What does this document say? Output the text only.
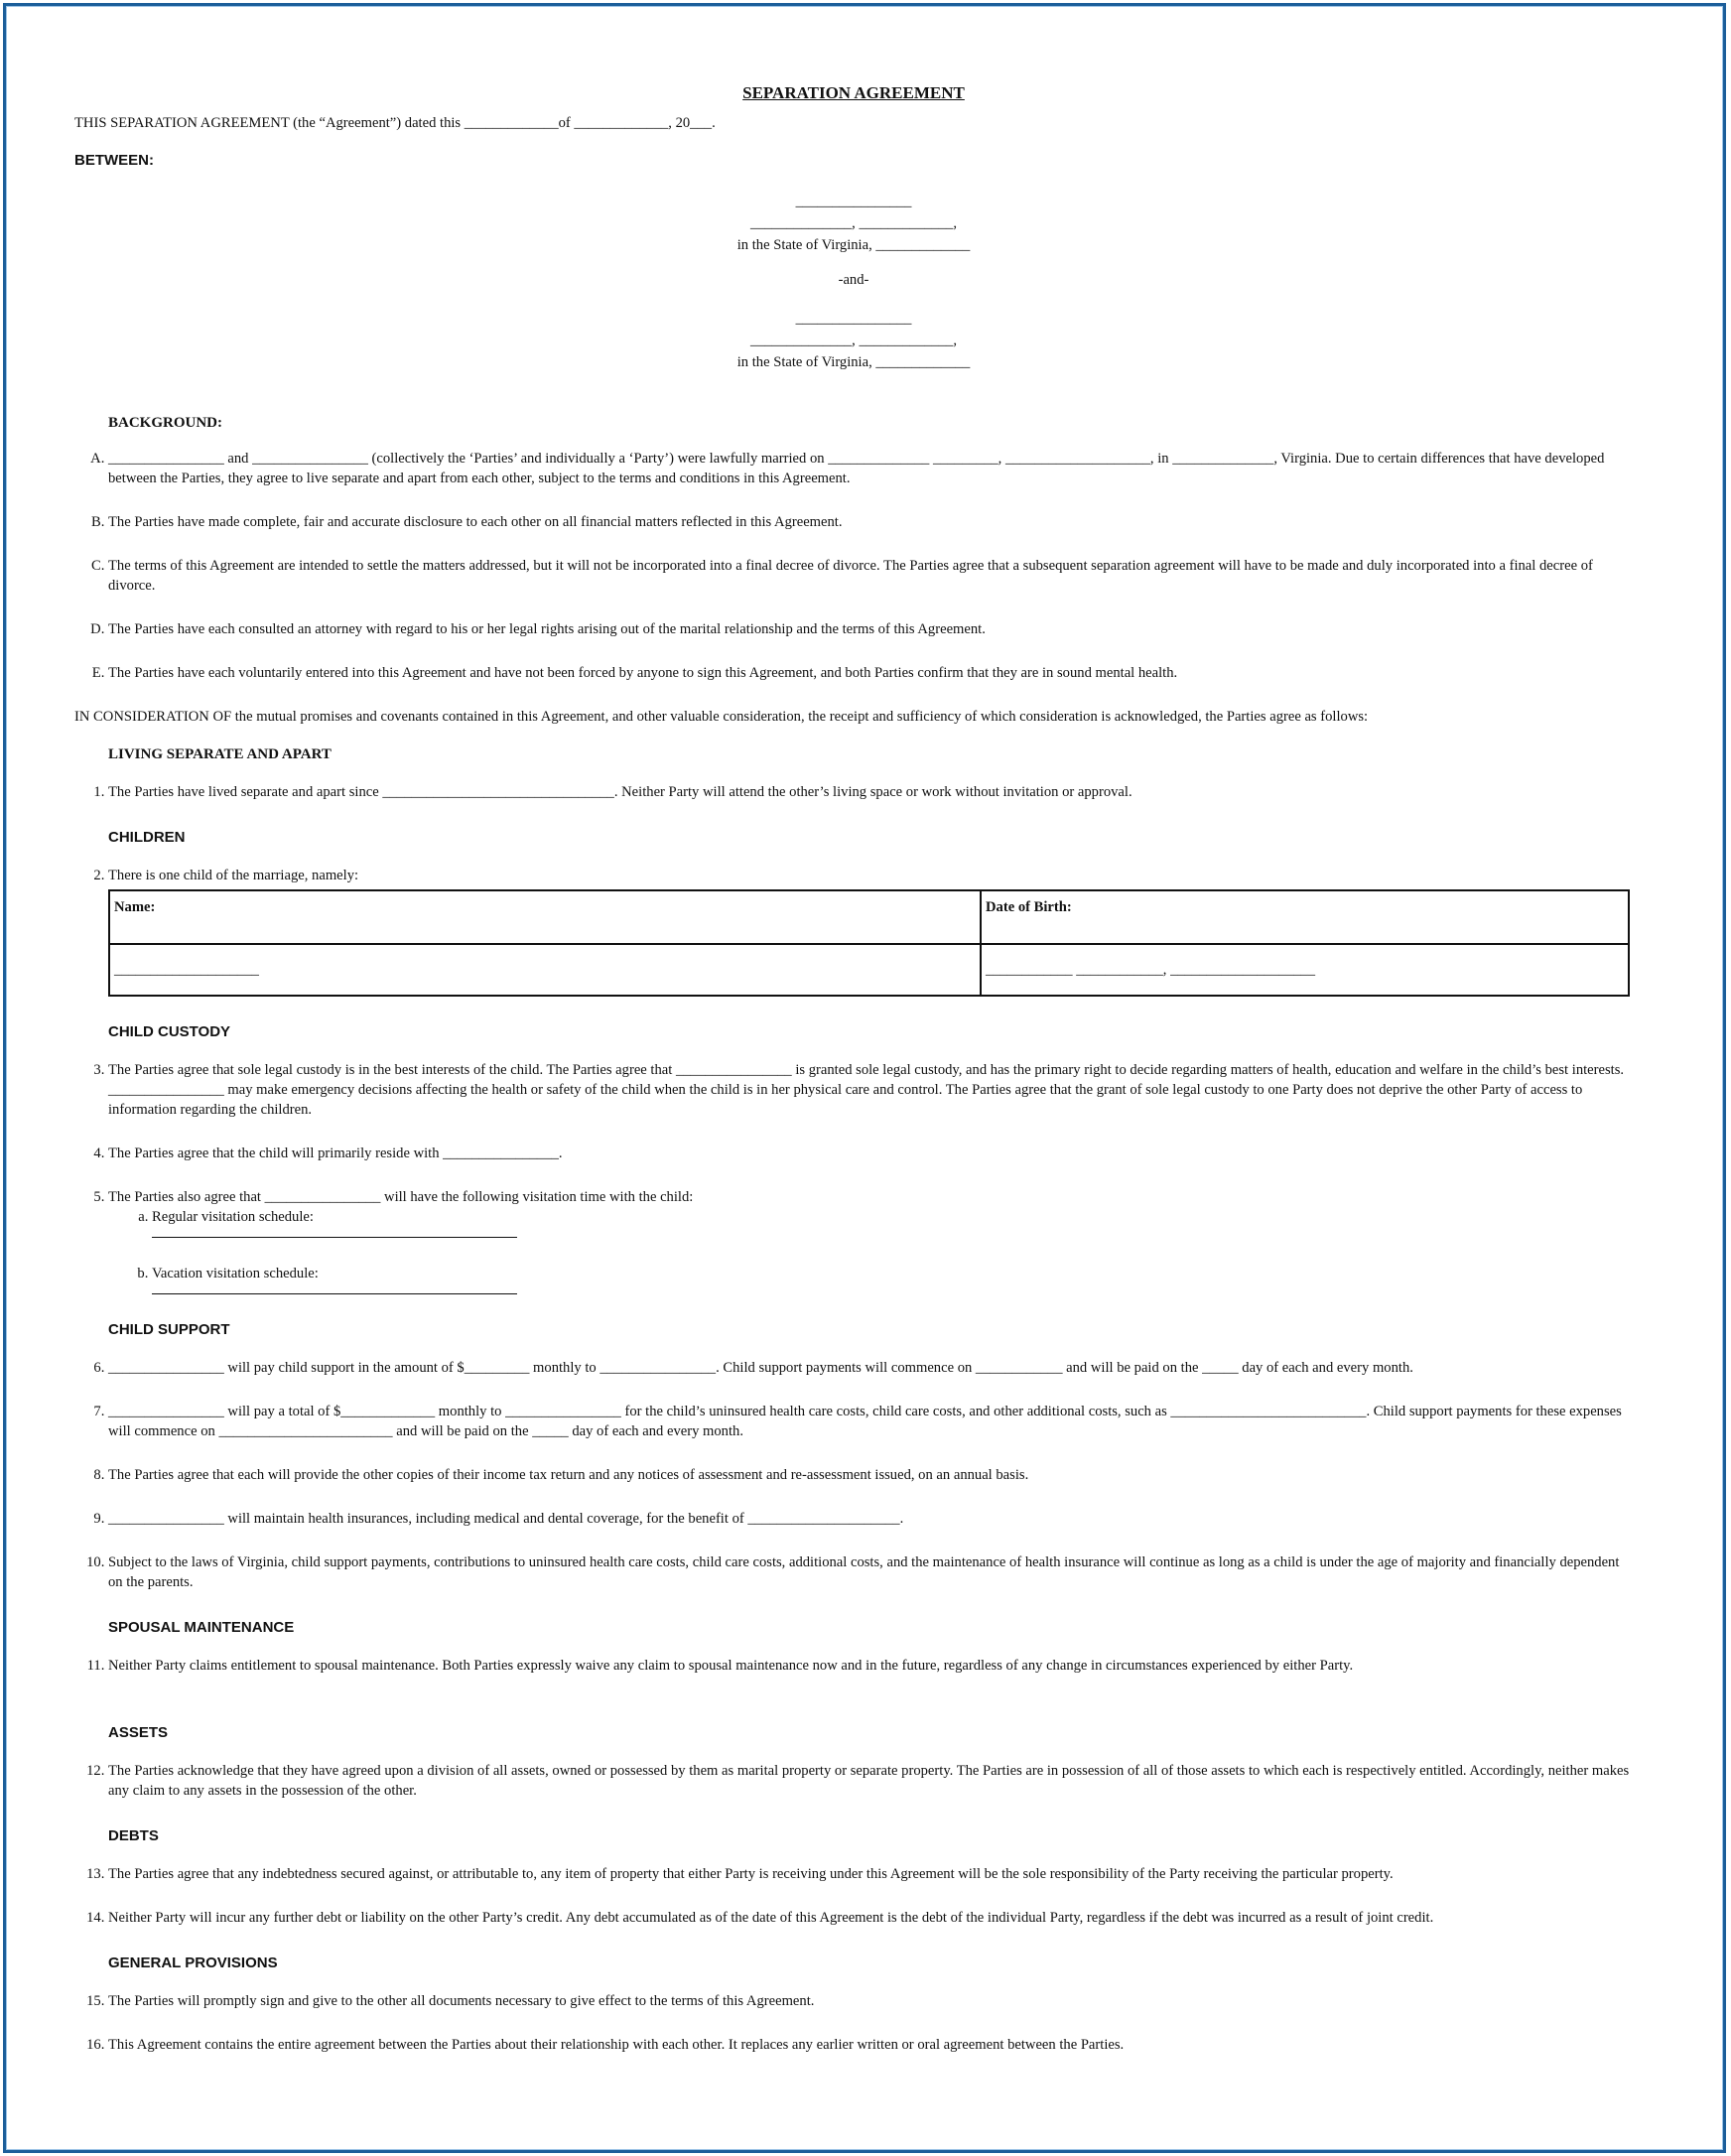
SEPARATION AGREEMENT

THIS SEPARATION AGREEMENT (the “Agreement”) dated this _____________of _____________, 20___.

BETWEEN:

________________

______________, _____________,

in the State of Virginia, _____________

-and-

________________

______________, _____________,

in the State of Virginia, _____________

BACKGROUND:

A. ________________ and ________________ (collectively the ‘Parties’ and individually a ‘Party’) were lawfully married on ______________ _________, ____________________, in ______________, Virginia. Due to certain differences that have developed between the Parties, they agree to live separate and apart from each other, subject to the terms and conditions in this Agreement.
B. The Parties have made complete, fair and accurate disclosure to each other on all financial matters reflected in this Agreement.
C. The terms of this Agreement are intended to settle the matters addressed, but it will not be incorporated into a final decree of divorce. The Parties agree that a subsequent separation agreement will have to be made and duly incorporated into a final decree of divorce.
D. The Parties have each consulted an attorney with regard to his or her legal rights arising out of the marital relationship and the terms of this Agreement.
E. The Parties have each voluntarily entered into this Agreement and have not been forced by anyone to sign this Agreement, and both Parties confirm that they are in sound mental health.

IN CONSIDERATION OF the mutual promises and covenants contained in this Agreement, and other valuable consideration, the receipt and sufficiency of which consideration is acknowledged, the Parties agree as follows:

LIVING SEPARATE AND APART

1. The Parties have lived separate and apart since ________________________________. Neither Party will attend the other’s living space or work without invitation or approval.

CHILDREN

2. There is one child of the marriage, namely:
Name:	Date of Birth:
____________________	____________ ____________, ____________________

CHILD CUSTODY

3. The Parties agree that sole legal custody is in the best interests of the child. The Parties agree that ________________ is granted sole legal custody, and has the primary right to decide regarding matters of health, education and welfare in the child’s best interests. ________________ may make emergency decisions affecting the health or safety of the child when the child is in her physical care and control. The Parties agree that the grant of sole legal custody to one Party does not deprive the other Party of access to information regarding the children.
4. The Parties agree that the child will primarily reside with ________________.
5. The Parties also agree that ________________ will have the following visitation time with the child:
a. Regular visitation schedule:
b. Vacation visitation schedule:

CHILD SUPPORT

6. ________________ will pay child support in the amount of $_________ monthly to ________________. Child support payments will commence on ____________ and will be paid on the _____ day of each and every month.
7. ________________ will pay a total of $_____________ monthly to ________________ for the child’s uninsured health care costs, child care costs, and other additional costs, such as ___________________________. Child support payments for these expenses will commence on ________________________ and will be paid on the _____ day of each and every month.
8. The Parties agree that each will provide the other copies of their income tax return and any notices of assessment and re-assessment issued, on an annual basis.
9. ________________ will maintain health insurances, including medical and dental coverage, for the benefit of _____________________.
10. Subject to the laws of Virginia, child support payments, contributions to uninsured health care costs, child care costs, additional costs, and the maintenance of health insurance will continue as long as a child is under the age of majority and financially dependent on the parents.

SPOUSAL MAINTENANCE

11. Neither Party claims entitlement to spousal maintenance. Both Parties expressly waive any claim to spousal maintenance now and in the future, regardless of any change in circumstances experienced by either Party.

ASSETS

12. The Parties acknowledge that they have agreed upon a division of all assets, owned or possessed by them as marital property or separate property. The Parties are in possession of all of those assets to which each is respectively entitled. Accordingly, neither makes any claim to any assets in the possession of the other.

DEBTS

13. The Parties agree that any indebtedness secured against, or attributable to, any item of property that either Party is receiving under this Agreement will be the sole responsibility of the Party receiving the particular property.
14. Neither Party will incur any further debt or liability on the other Party’s credit. Any debt accumulated as of the date of this Agreement is the debt of the individual Party, regardless if the debt was incurred as a result of joint credit.

GENERAL PROVISIONS

15. The Parties will promptly sign and give to the other all documents necessary to give effect to the terms of this Agreement.
16. This Agreement contains the entire agreement between the Parties about their relationship with each other. It replaces any earlier written or oral agreement between the Parties.
